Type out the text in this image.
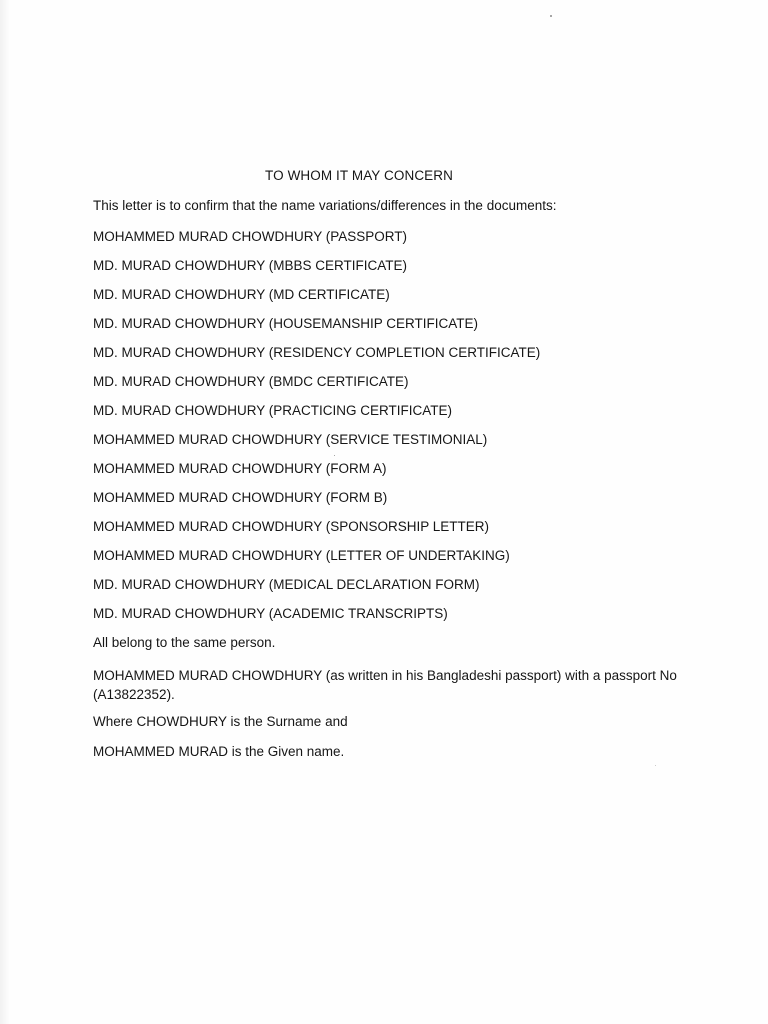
TO WHOM IT MAY CONCERN
This letter is to confirm that the name variations/differences in the documents:
MOHAMMED MURAD CHOWDHURY (PASSPORT)
MD. MURAD CHOWDHURY (MBBS CERTIFICATE)
MD. MURAD CHOWDHURY (MD CERTIFICATE)
MD. MURAD CHOWDHURY (HOUSEMANSHIP CERTIFICATE)
MD. MURAD CHOWDHURY (RESIDENCY COMPLETION CERTIFICATE)
MD. MURAD CHOWDHURY (BMDC CERTIFICATE)
MD. MURAD CHOWDHURY (PRACTICING CERTIFICATE)
MOHAMMED MURAD CHOWDHURY (SERVICE TESTIMONIAL)
MOHAMMED MURAD CHOWDHURY (FORM A)
MOHAMMED MURAD CHOWDHURY (FORM B)
MOHAMMED MURAD CHOWDHURY (SPONSORSHIP LETTER)
MOHAMMED MURAD CHOWDHURY (LETTER OF UNDERTAKING)
MD. MURAD CHOWDHURY (MEDICAL DECLARATION FORM)
MD. MURAD CHOWDHURY (ACADEMIC TRANSCRIPTS)
All belong to the same person.
MOHAMMED MURAD CHOWDHURY (as written in his Bangladeshi passport) with a passport No (A13822352).
Where CHOWDHURY is the Surname and
MOHAMMED MURAD is the Given name.
